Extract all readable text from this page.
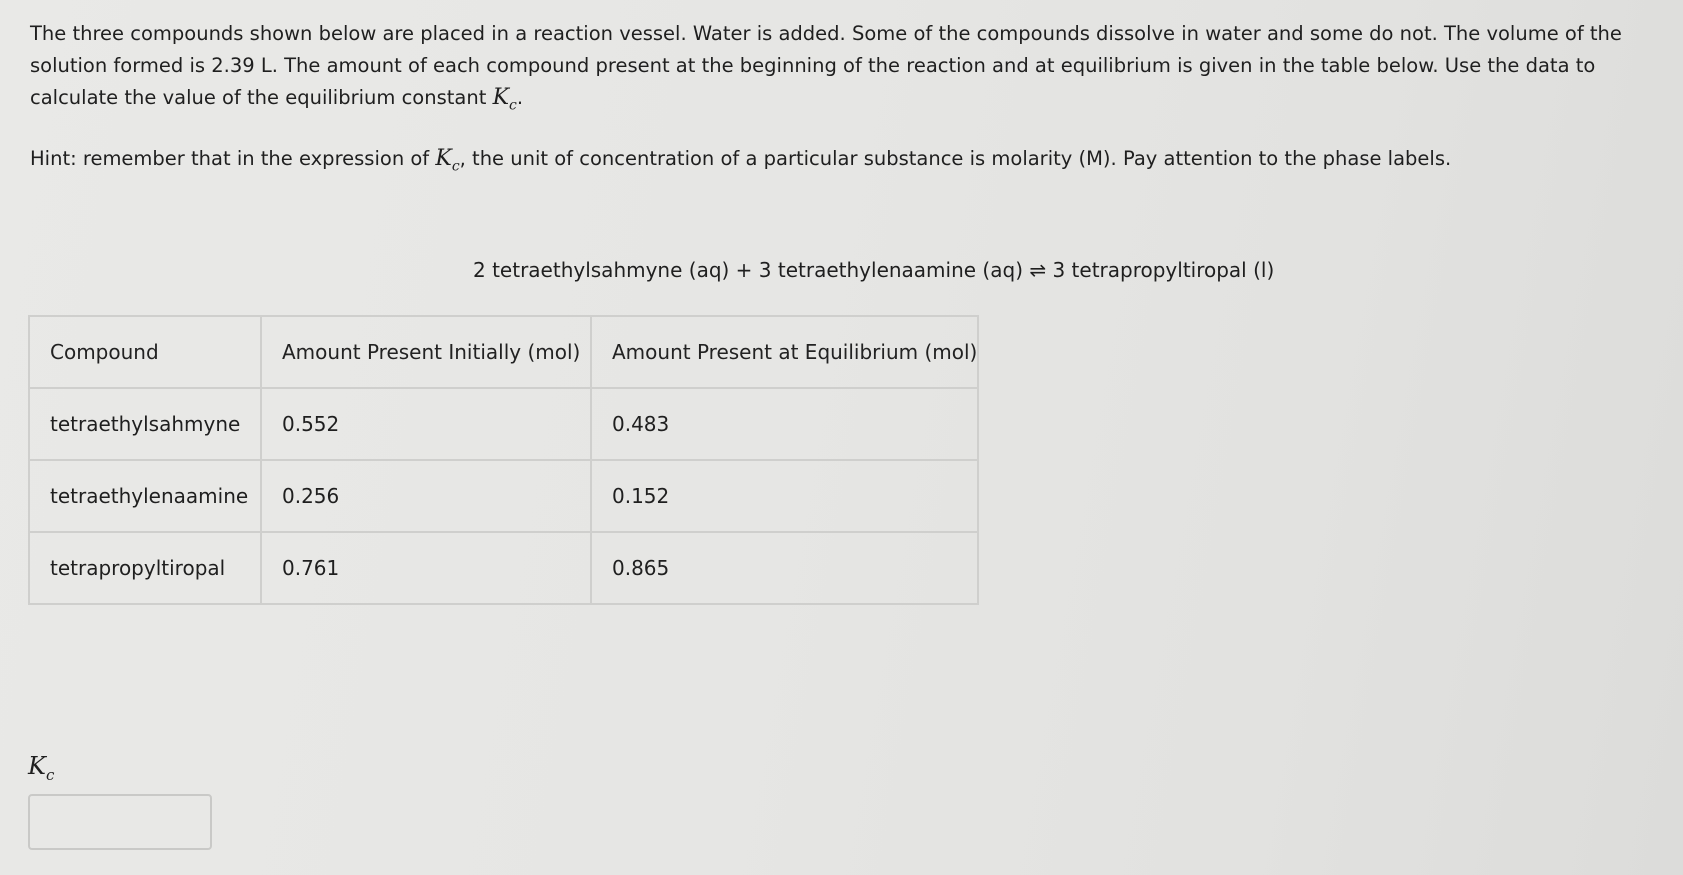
The three compounds shown below are placed in a reaction vessel. Water is added. Some of the compounds dissolve in water and some do not. The volume of the solution formed is 2.39 L. The amount of each compound present at the beginning of the reaction and at equilibrium is given in the table below. Use the data to calculate the value of the equilibrium constant $K_c$.

Hint: remember that in the expression of $K_c$, the unit of concentration of a particular substance is molarity (M). Pay attention to the phase labels.

2 tetraethylsahmyne (aq) + 3 tetraethylenaamine (aq) ⇌ 3 tetrapropyltiropal (l)
Compound	Amount Present Initially (mol)	Amount Present at Equilibrium (mol)
tetraethylsahmyne	0.552	0.483
tetraethylenaamine	0.256	0.152
tetrapropyltiropal	0.761	0.865
$K_c$
